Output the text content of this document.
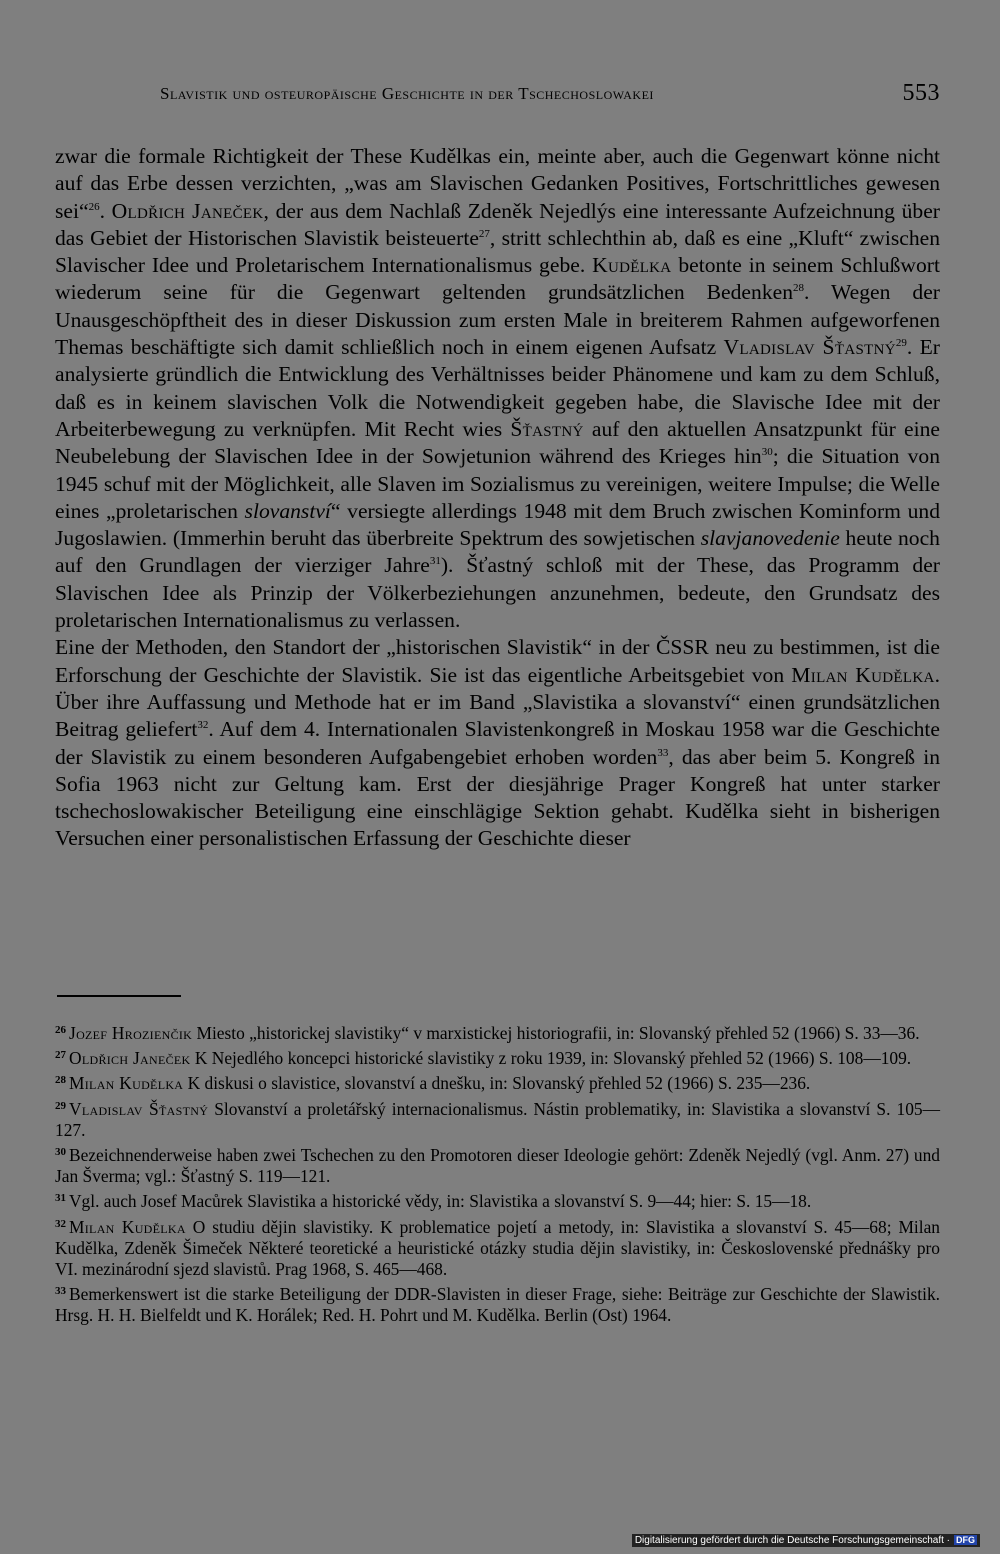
Slavistik und osteuropäische Geschichte in der Tschechoslowakei	553

zwar die formale Richtigkeit der These Kudělkas ein, meinte aber, auch die Gegenwart könne nicht auf das Erbe dessen verzichten, „was am Slavischen Gedanken Positives, Fortschrittliches gewesen sei“$^{26}$. Oldřich Janeček, der aus dem Nachlaß Zdeněk Nejedlýs eine interessante Aufzeichnung über das Gebiet der Historischen Slavistik beisteuerte$^{27}$, stritt schlechthin ab, daß es eine „Kluft“ zwischen Slavischer Idee und Proletarischem Internationalismus gebe. Kudělka betonte in seinem Schlußwort wiederum seine für die Gegenwart geltenden grundsätzlichen Bedenken$^{28}$. Wegen der Unausgeschöpftheit des in dieser Diskussion zum ersten Male in breiterem Rahmen aufgeworfenen Themas beschäftigte sich damit schließlich noch in einem eigenen Aufsatz Vladislav Šťastný$^{29}$. Er analysierte gründlich die Entwicklung des Verhältnisses beider Phänomene und kam zu dem Schluß, daß es in keinem slavischen Volk die Notwendigkeit gegeben habe, die Slavische Idee mit der Arbeiterbewegung zu verknüpfen. Mit Recht wies Šťastný auf den aktuellen Ansatzpunkt für eine Neubelebung der Slavischen Idee in der Sowjetunion während des Krieges hin$^{30}$; die Situation von 1945 schuf mit der Möglichkeit, alle Slaven im Sozialismus zu vereinigen, weitere Impulse; die Welle eines „proletarischen slovanství“ versiegte allerdings 1948 mit dem Bruch zwischen Kominform und Jugoslawien. (Immerhin beruht das überbreite Spektrum des sowjetischen slavjanovedenie heute noch auf den Grundlagen der vierziger Jahre$^{31}$). Šťastný schloß mit der These, das Programm der Slavischen Idee als Prinzip der Völkerbeziehungen anzunehmen, bedeute, den Grundsatz des proletarischen Internationalismus zu verlassen.

Eine der Methoden, den Standort der „historischen Slavistik“ in der ČSSR neu zu bestimmen, ist die Erforschung der Geschichte der Slavistik. Sie ist das eigentliche Arbeitsgebiet von Milan Kudělka. Über ihre Auffassung und Methode hat er im Band „Slavistika a slovanství“ einen grundsätzlichen Beitrag geliefert$^{32}$. Auf dem 4. Internationalen Slavistenkongreß in Moskau 1958 war die Geschichte der Slavistik zu einem besonderen Aufgabengebiet erhoben worden$^{33}$, das aber beim 5. Kongreß in Sofia 1963 nicht zur Geltung kam. Erst der diesjährige Prager Kongreß hat unter starker tschechoslowakischer Beteiligung eine einschlägige Sektion gehabt. Kudělka sieht in bisherigen Versuchen einer personalistischen Erfassung der Geschichte dieser

$^{26}$ Jozef Hrozienčik Miesto „historickej slavistiky“ v marxistickej historiografii, in: Slovanský přehled 52 (1966) S. 33—36.

$^{27}$ Oldřich Janeček K Nejedlého koncepci historické slavistiky z roku 1939, in: Slovanský přehled 52 (1966) S. 108—109.

$^{28}$ Milan Kudělka K diskusi o slavistice, slovanství a dnešku, in: Slovanský přehled 52 (1966) S. 235—236.

$^{29}$ Vladislav Šťastný Slovanství a proletářský internacionalismus. Nástin problematiky, in: Slavistika a slovanství S. 105—127.

$^{30}$ Bezeichnenderweise haben zwei Tschechen zu den Promotoren dieser Ideologie gehört: Zdeněk Nejedlý (vgl. Anm. 27) und Jan Šverma; vgl.: Šťastný S. 119—121.

$^{31}$ Vgl. auch Josef Macůrek Slavistika a historické vědy, in: Slavistika a slovanství S. 9—44; hier: S. 15—18.

$^{32}$ Milan Kudělka O studiu dějin slavistiky. K problematice pojetí a metody, in: Slavistika a slovanství S. 45—68; Milan Kudělka, Zdeněk Šimeček Některé teoretické a heuristické otázky studia dějin slavistiky, in: Československé přednášky pro VI. mezinárodní sjezd slavistů. Prag 1968, S. 465—468.

$^{33}$ Bemerkenswert ist die starke Beteiligung der DDR-Slavisten in dieser Frage, siehe: Beiträge zur Geschichte der Slawistik. Hrsg. H. H. Bielfeldt und K. Horálek; Red. H. Pohrt und M. Kudělka. Berlin (Ost) 1964.

Digitalisierung gefördert durch die Deutsche Forschungsgemeinschaft · DFG
